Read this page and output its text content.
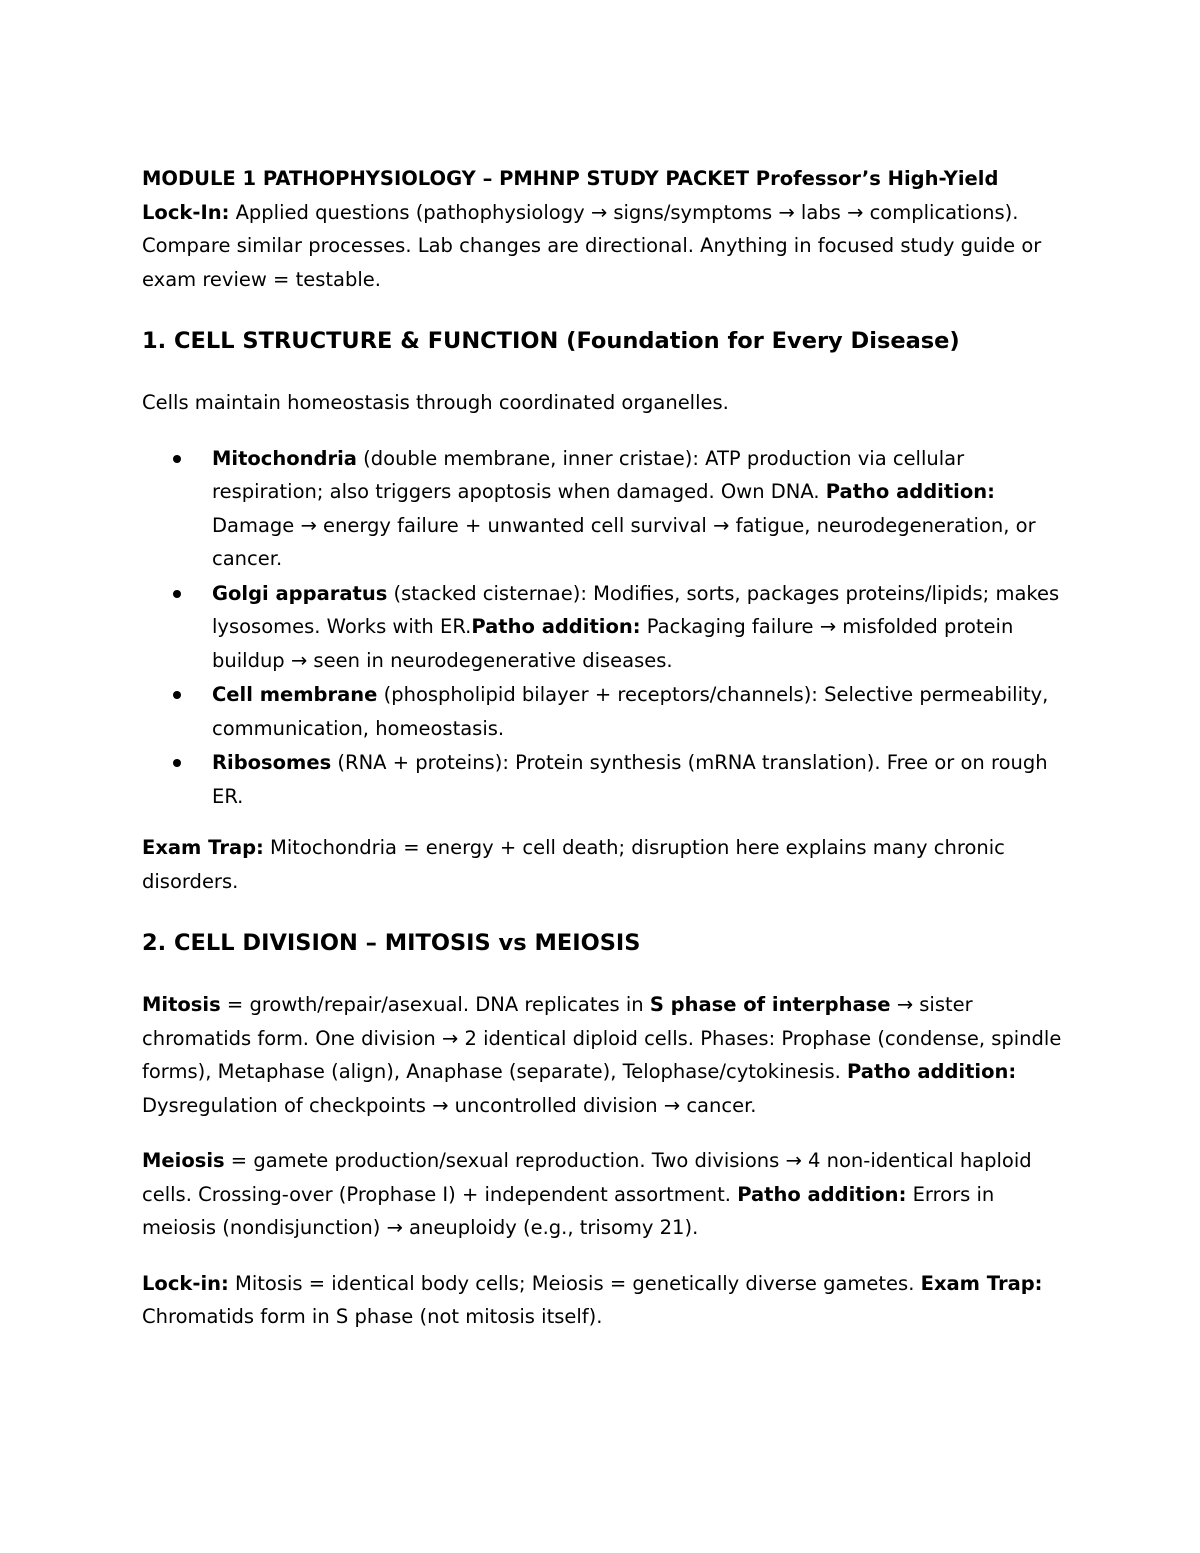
MODULE 1 PATHOPHYSIOLOGY – PMHNP STUDY PACKET Professor’s High-Yield Lock-In: Applied questions (pathophysiology → signs/symptoms → labs → complications). Compare similar processes. Lab changes are directional. Anything in focused study guide or exam review = testable.

1. CELL STRUCTURE & FUNCTION (Foundation for Every Disease)

Cells maintain homeostasis through coordinated organelles.

Mitochondria (double membrane, inner cristae): ATP production via cellular respiration; also triggers apoptosis when damaged. Own DNA. Patho addition: Damage → energy failure + unwanted cell survival → fatigue, neurodegeneration, or cancer.
Golgi apparatus (stacked cisternae): Modifies, sorts, packages proteins/lipids; makes lysosomes. Works with ER.Patho addition: Packaging failure → misfolded protein buildup → seen in neurodegenerative diseases.
Cell membrane (phospholipid bilayer + receptors/channels): Selective permeability, communication, homeostasis.
Ribosomes (RNA + proteins): Protein synthesis (mRNA translation). Free or on rough ER.

Exam Trap: Mitochondria = energy + cell death; disruption here explains many chronic disorders.

2. CELL DIVISION – MITOSIS vs MEIOSIS

Mitosis = growth/repair/asexual. DNA replicates in S phase of interphase → sister chromatids form. One division → 2 identical diploid cells. Phases: Prophase (condense, spindle forms), Metaphase (align), Anaphase (separate), Telophase/cytokinesis. Patho addition: Dysregulation of checkpoints → uncontrolled division → cancer.

Meiosis = gamete production/sexual reproduction. Two divisions → 4 non-identical haploid cells. Crossing-over (Prophase I) + independent assortment. Patho addition: Errors in meiosis (nondisjunction) → aneuploidy (e.g., trisomy 21).

Lock-in: Mitosis = identical body cells; Meiosis = genetically diverse gametes. Exam Trap: Chromatids form in S phase (not mitosis itself).
